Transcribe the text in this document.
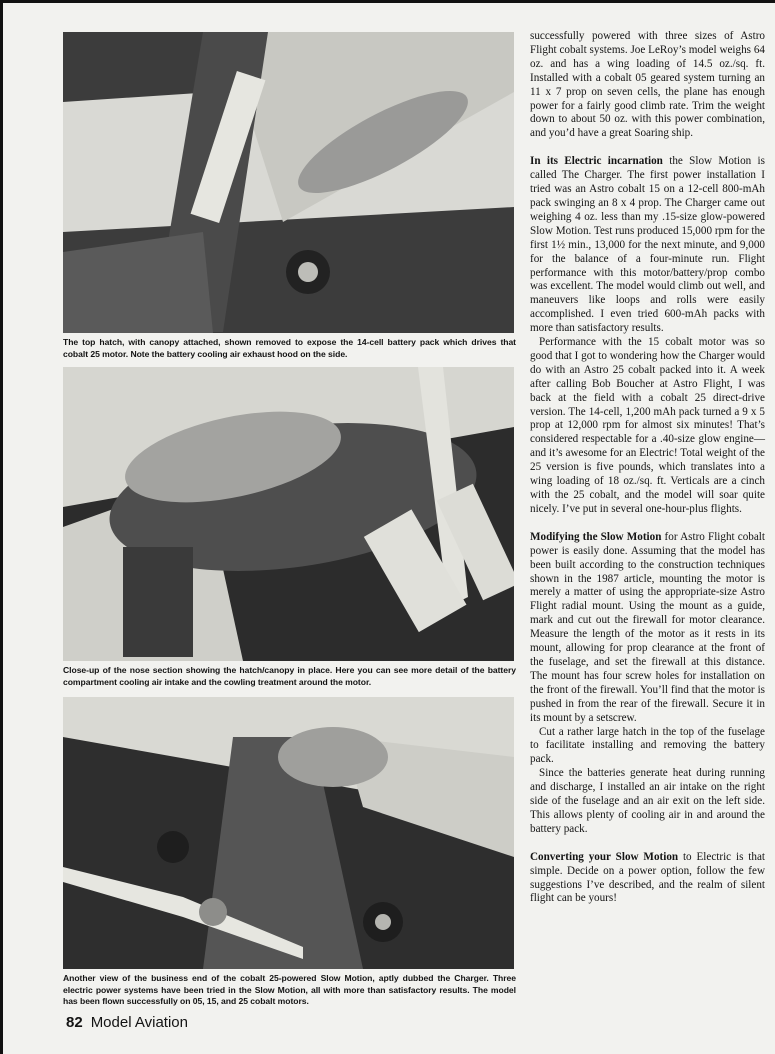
The top hatch, with canopy attached, shown removed to expose the 14-cell battery pack which drives that cobalt 25 motor. Note the battery cooling air exhaust hood on the side.
Close-up of the nose section showing the hatch/canopy in place. Here you can see more detail of the battery compartment cooling air intake and the cowling treatment around the motor.
Another view of the business end of the cobalt 25-powered Slow Motion, aptly dubbed the Charger. Three electric power systems have been tried in the Slow Motion, all with more than satisfactory results. The model has been flown successfully on 05, 15, and 25 cobalt motors.

successfully powered with three sizes of Astro Flight cobalt systems. Joe LeRoy’s model weighs 64 oz. and has a wing loading of 14.5 oz./sq. ft. Installed with a cobalt 05 geared system turning an 11 x 7 prop on seven cells, the plane has enough power for a fairly good climb rate. Trim the weight down to about 50 oz. with this power combination, and you’d have a great Soaring ship.

In its Electric incarnation the Slow Motion is called The Charger. The first power installation I tried was an Astro cobalt 15 on a 12-cell 800-mAh pack swinging an 8 x 4 prop. The Charger came out weighing 4 oz. less than my .15-size glow-powered Slow Motion. Test runs produced 15,000 rpm for the first 1½ min., 13,000 for the next minute, and 9,000 for the balance of a four-minute run. Flight performance with this motor/battery/prop combo was excellent. The model would climb out well, and maneuvers like loops and rolls were easily accomplished. I even tried 600-mAh packs with more than satisfactory results.

Performance with the 15 cobalt motor was so good that I got to wondering how the Charger would do with an Astro 25 cobalt packed into it. A week after calling Bob Boucher at Astro Flight, I was back at the field with a cobalt 25 direct-drive version. The 14-cell, 1,200 mAh pack turned a 9 x 5 prop at 12,000 rpm for almost six minutes! That’s considered respectable for a .40-size glow engine—and it’s awesome for an Electric! Total weight of the 25 version is five pounds, which translates into a wing loading of 18 oz./sq. ft. Verticals are a cinch with the 25 cobalt, and the model will soar quite nicely. I’ve put in several one-hour-plus flights.

Modifying the Slow Motion for Astro Flight cobalt power is easily done. Assuming that the model has been built according to the construction techniques shown in the 1987 article, mounting the motor is merely a matter of using the appropriate-size Astro Flight radial mount. Using the mount as a guide, mark and cut out the firewall for motor clearance. Measure the length of the motor as it rests in its mount, allowing for prop clearance at the front of the fuselage, and set the firewall at this distance. The mount has four screw holes for installation on the front of the firewall. You’ll find that the motor is pushed in from the rear of the firewall. Secure it in its mount by a setscrew.

Cut a rather large hatch in the top of the fuselage to facilitate installing and removing the battery pack.

Since the batteries generate heat during running and discharge, I installed an air intake on the right side of the fuselage and an air exit on the left side. This allows plenty of cooling air in and around the battery pack.

Converting your Slow Motion to Electric is that simple. Decide on a power option, follow the few suggestions I’ve described, and the realm of silent flight can be yours!

82 Model Aviation
